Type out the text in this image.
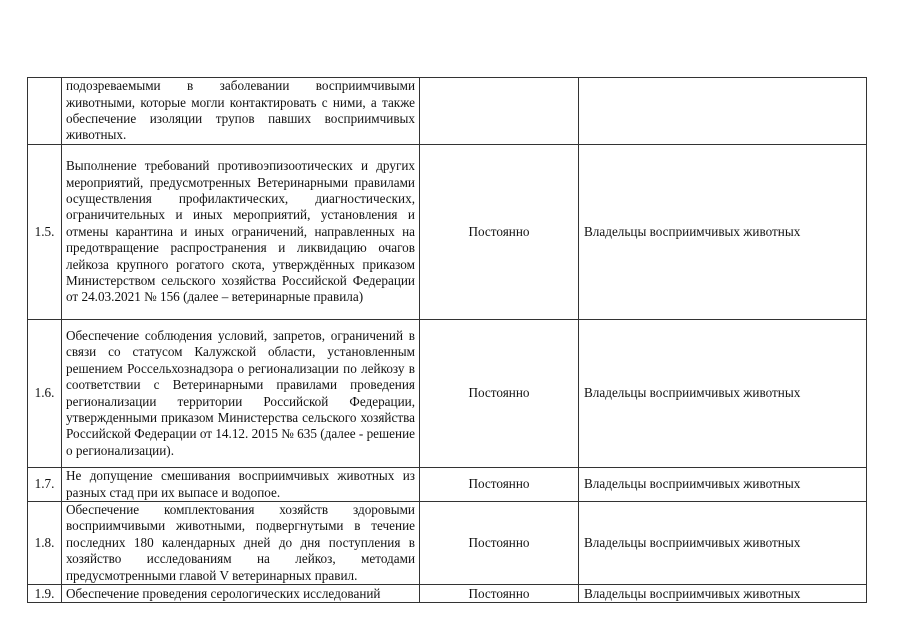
	подозреваемыми в заболевании восприимчивыми животными, которые могли контактировать с ними, а также обеспечение изоляции трупов павших восприимчивых животных.		
1.5.	Выполнение требований противоэпизоотических и других мероприятий, предусмотренных Ветеринарными правилами осуществления профилактических, диагностических, ограничительных и иных мероприятий, установления и отмены карантина и иных ограничений, направленных на предотвращение распространения и ликвидацию очагов лейкоза крупного рогатого скота, утверждённых приказом Министерством сельского хозяйства Российской Федерации от 24.03.2021 № 156 (далее – ветеринарные правила)	Постоянно	Владельцы восприимчивых животных
1.6.	Обеспечение соблюдения условий, запретов, ограничений в связи со статусом Калужской области, установленным решением Россельхознадзора о регионализации по лейкозу в соответствии с Ветеринарными правилами проведения регионализации территории Российской Федерации, утвержденными приказом Министерства сельского хозяйства Российской Федерации от 14.12. 2015 № 635 (далее - решение о регионализации).	Постоянно	Владельцы восприимчивых животных
1.7.	Не допущение смешивания восприимчивых животных из разных стад при их выпасе и водопое.	Постоянно	Владельцы восприимчивых животных
1.8.	Обеспечение комплектования хозяйств здоровыми восприимчивыми животными, подвергнутыми в течение последних 180 календарных дней до дня поступления в хозяйство исследованиям на лейкоз, методами предусмотренными главой V ветеринарных правил.	Постоянно	Владельцы восприимчивых животных
1.9.	Обеспечение проведения серологических исследований	Постоянно	Владельцы восприимчивых животных
